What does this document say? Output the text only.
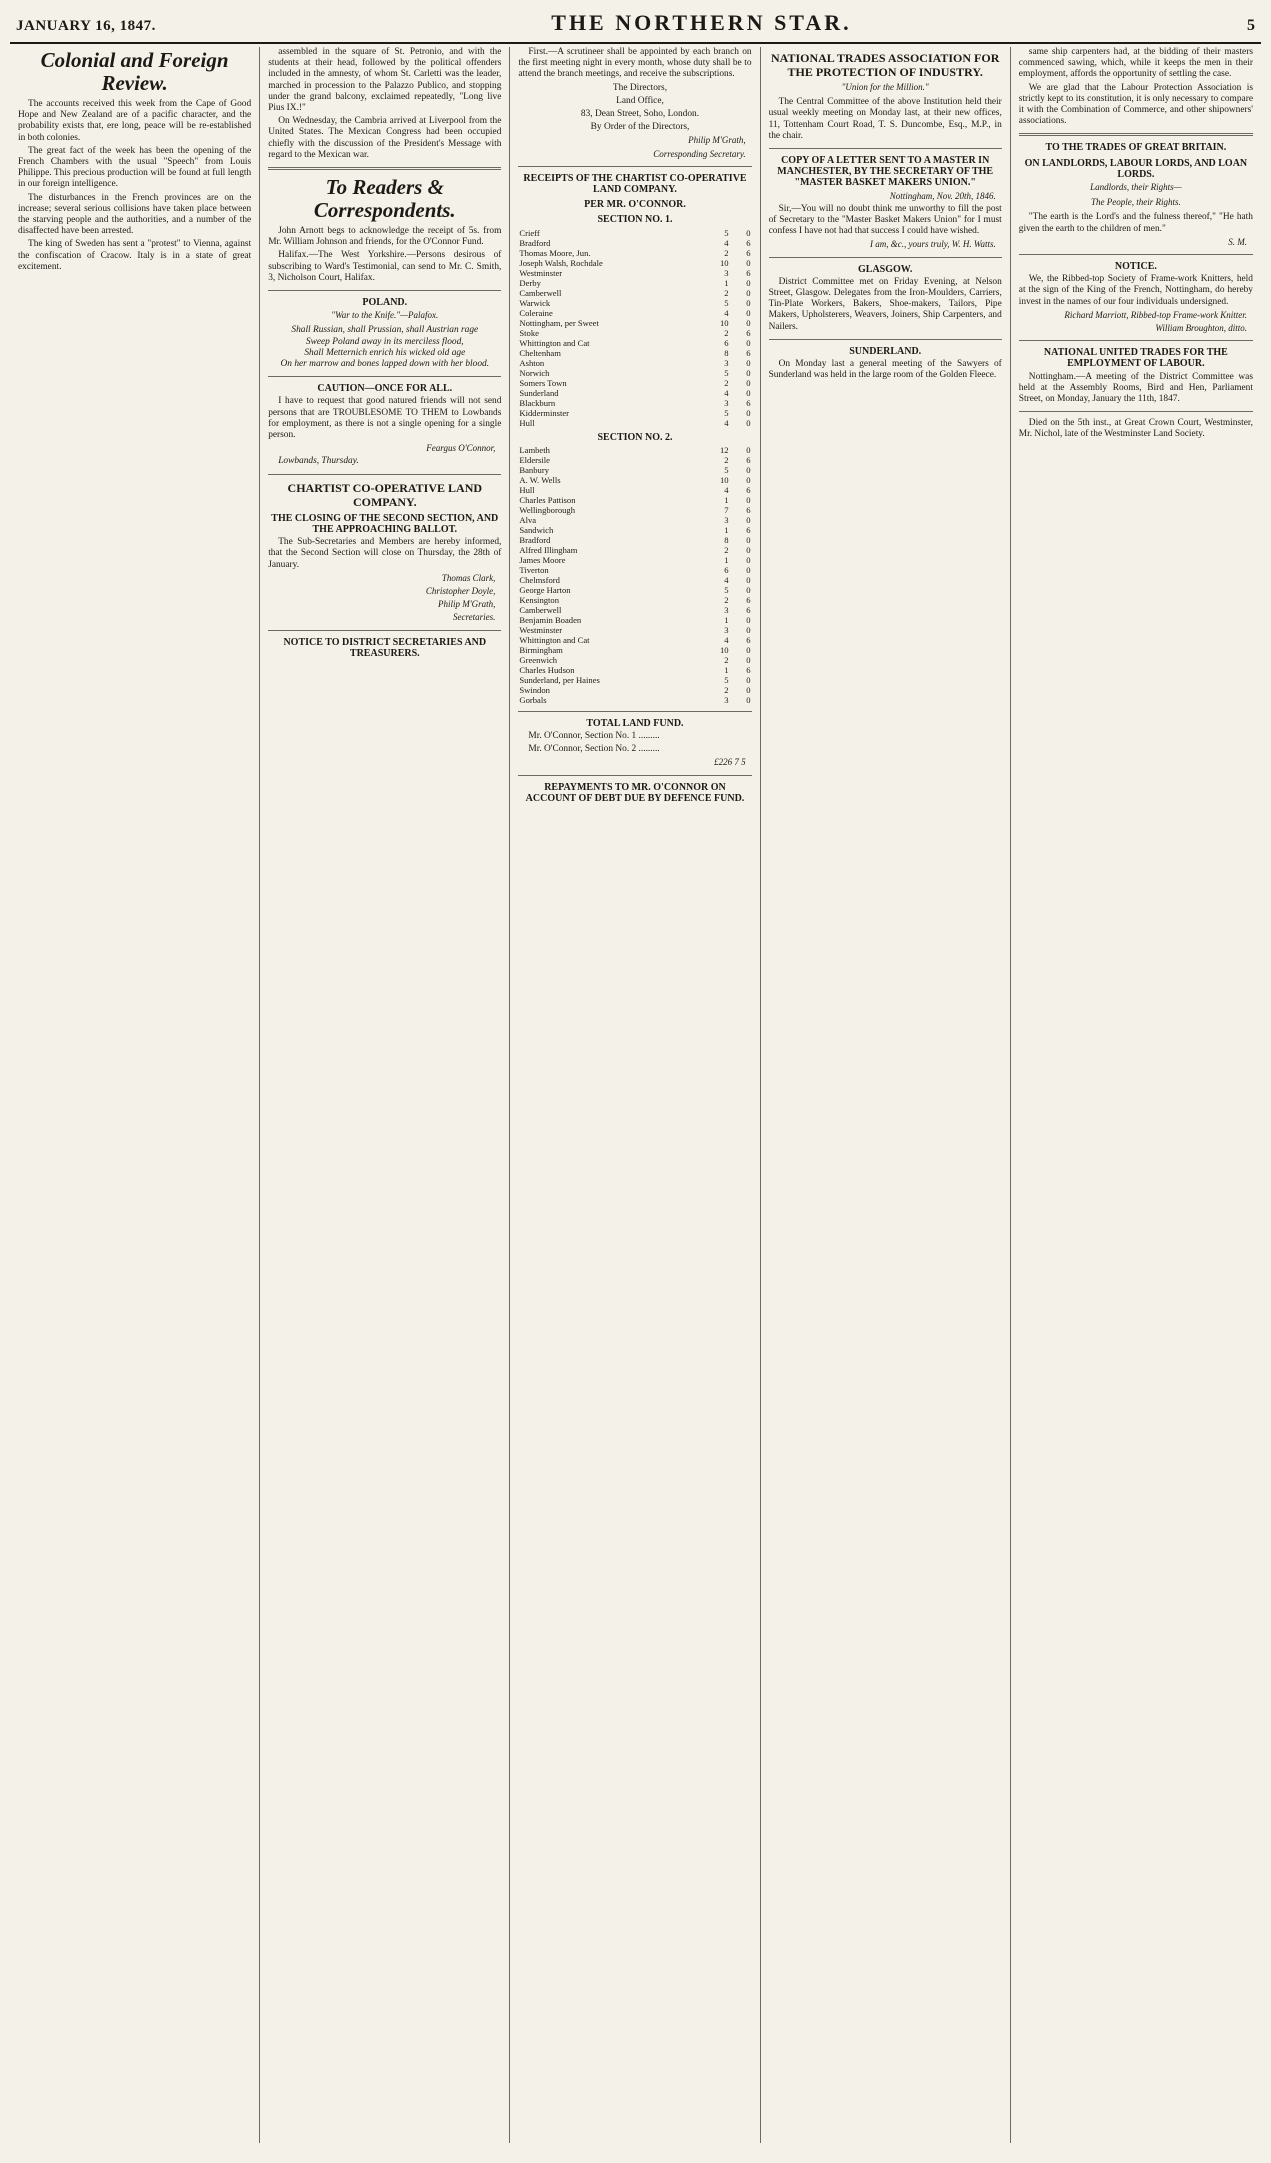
JANUARY 16, 1847.	THE NORTHERN STAR.	5
Colonial and Foreign Review.

The accounts received this week from the Cape of Good Hope and New Zealand are of a pacific character, and the probability exists that, ere long, peace will be re-established in both colonies.

The great fact of the week has been the opening of the French Chambers with the usual "Speech" from Louis Philippe. This precious production will be found at full length in our foreign intelligence.

The disturbances in the French provinces are on the increase; several serious collisions have taken place between the starving people and the authorities, and a number of the disaffected have been arrested.

The king of Sweden has sent a "protest" to Vienna, against the confiscation of Cracow. Italy is in a state of great excitement.

assembled in the square of St. Petronio, and with the students at their head, followed by the political offenders included in the amnesty, of whom St. Carletti was the leader, marched in procession to the Palazzo Publico, and stopping under the grand balcony, exclaimed repeatedly, "Long live Pius IX.!"

On Wednesday, the Cambria arrived at Liverpool from the United States. The Mexican Congress had been occupied chiefly with the discussion of the President's Message with regard to the Mexican war.

To Readers & Correspondents.

John Arnott begs to acknowledge the receipt of 5s. from Mr. William Johnson and friends, for the O'Connor Fund.

Halifax.—The West Yorkshire.—Persons desirous of subscribing to Ward's Testimonial, can send to Mr. C. Smith, 3, Nicholson Court, Halifax.

POLAND.
"War to the Knife."—Palafox.

Shall Russian, shall Prussian, shall Austrian rage

Sweep Poland away in its merciless flood,

Shall Metternich enrich his wicked old age

On her marrow and bones lapped down with her blood.

CAUTION—ONCE FOR ALL.

I have to request that good natured friends will not send persons that are TROUBLESOME TO THEM to Lowbands for employment, as there is not a single opening for a single person.

Feargus O'Connor,

Lowbands, Thursday.

CHARTIST CO-OPERATIVE LAND COMPANY.
THE CLOSING OF THE SECOND SECTION, AND THE APPROACHING BALLOT.

The Sub-Secretaries and Members are hereby informed, that the Second Section will close on Thursday, the 28th of January.

Thomas Clark,
Christopher Doyle,
Philip M'Grath,
Secretaries.
NOTICE TO DISTRICT SECRETARIES AND TREASURERS.

First.—A scrutineer shall be appointed by each branch on the first meeting night in every month, whose duty shall be to attend the branch meetings, and receive the subscriptions.

The Directors,

Land Office,

83, Dean Street, Soho, London.

By Order of the Directors,

Philip M'Grath,
Corresponding Secretary.
RECEIPTS OF THE CHARTIST CO-OPERATIVE LAND COMPANY.
PER MR. O'CONNOR.
SECTION NO. 1.
Crieff	5	0
Bradford	4	6
Thomas Moore, Jun.	2	6
Joseph Walsh, Rochdale	10	0
Westminster	3	6
Derby	1	0
Camberwell	2	0
Warwick	5	0
Coleraine	4	0
Nottingham, per Sweet	10	0
Stoke	2	6
Whittington and Cat	6	0
Cheltenham	8	6
Ashton	3	0
Norwich	5	0
Somers Town	2	0
Sunderland	4	0
Blackburn	3	6
Kidderminster	5	0
Hull	4	0
SECTION NO. 2.
Lambeth	12	0
Eldersile	2	6
Banbury	5	0
A. W. Wells	10	0
Hull	4	6
Charles Pattison	1	0
Wellingborough	7	6
Alva	3	0
Sandwich	1	6
Bradford	8	0
Alfred Illingham	2	0
James Moore	1	0
Tiverton	6	0
Chelmsford	4	0
George Harton	5	0
Kensington	2	6
Camberwell	3	6
Benjamin Boaden	1	0
Westminster	3	0
Whittington and Cat	4	6
Birmingham	10	0
Greenwich	2	0
Charles Hudson	1	6
Sunderland, per Haines	5	0
Swindon	2	0
Gorbals	3	0
TOTAL LAND FUND.

Mr. O'Connor, Section No. 1 .........

Mr. O'Connor, Section No. 2 .........

£226 7 5
REPAYMENTS TO MR. O'CONNOR ON ACCOUNT OF DEBT DUE BY DEFENCE FUND.
NATIONAL TRADES ASSOCIATION FOR THE PROTECTION OF INDUSTRY.
"Union for the Million."

The Central Committee of the above Institution held their usual weekly meeting on Monday last, at their new offices, 11, Tottenham Court Road, T. S. Duncombe, Esq., M.P., in the chair.

COPY OF A LETTER SENT TO A MASTER IN MANCHESTER, BY THE SECRETARY OF THE "MASTER BASKET MAKERS UNION."
Nottingham, Nov. 20th, 1846.

Sir,—You will no doubt think me unworthy to fill the post of Secretary to the "Master Basket Makers Union" for I must confess I have not had that success I could have wished.

I am, &c., yours truly, W. H. Watts.
GLASGOW.

District Committee met on Friday Evening, at Nelson Street, Glasgow. Delegates from the Iron-Moulders, Carriers, Tin-Plate Workers, Bakers, Shoe-makers, Tailors, Pipe Makers, Upholsterers, Weavers, Joiners, Ship Carpenters, and Nailers.

SUNDERLAND.

On Monday last a general meeting of the Sawyers of Sunderland was held in the large room of the Golden Fleece.

same ship carpenters had, at the bidding of their masters commenced sawing, which, while it keeps the men in their employment, affords the opportunity of settling the case.

We are glad that the Labour Protection Association is strictly kept to its constitution, it is only necessary to compare it with the Combination of Commerce, and other shipowners' associations.

TO THE TRADES OF GREAT BRITAIN.
ON LANDLORDS, LABOUR LORDS, AND LOAN LORDS.
Landlords, their Rights—
The People, their Rights.

"The earth is the Lord's and the fulness thereof," "He hath given the earth to the children of men."

S. M.
NOTICE.

We, the Ribbed-top Society of Frame-work Knitters, held at the sign of the King of the French, Nottingham, do hereby invest in the names of our four individuals undersigned.

Richard Marriott, Ribbed-top Frame-work Knitter.
William Broughton, ditto.
NATIONAL UNITED TRADES FOR THE EMPLOYMENT OF LABOUR.

Nottingham.—A meeting of the District Committee was held at the Assembly Rooms, Bird and Hen, Parliament Street, on Monday, January the 11th, 1847.

Died on the 5th inst., at Great Crown Court, Westminster, Mr. Nichol, late of the Westminster Land Society.
